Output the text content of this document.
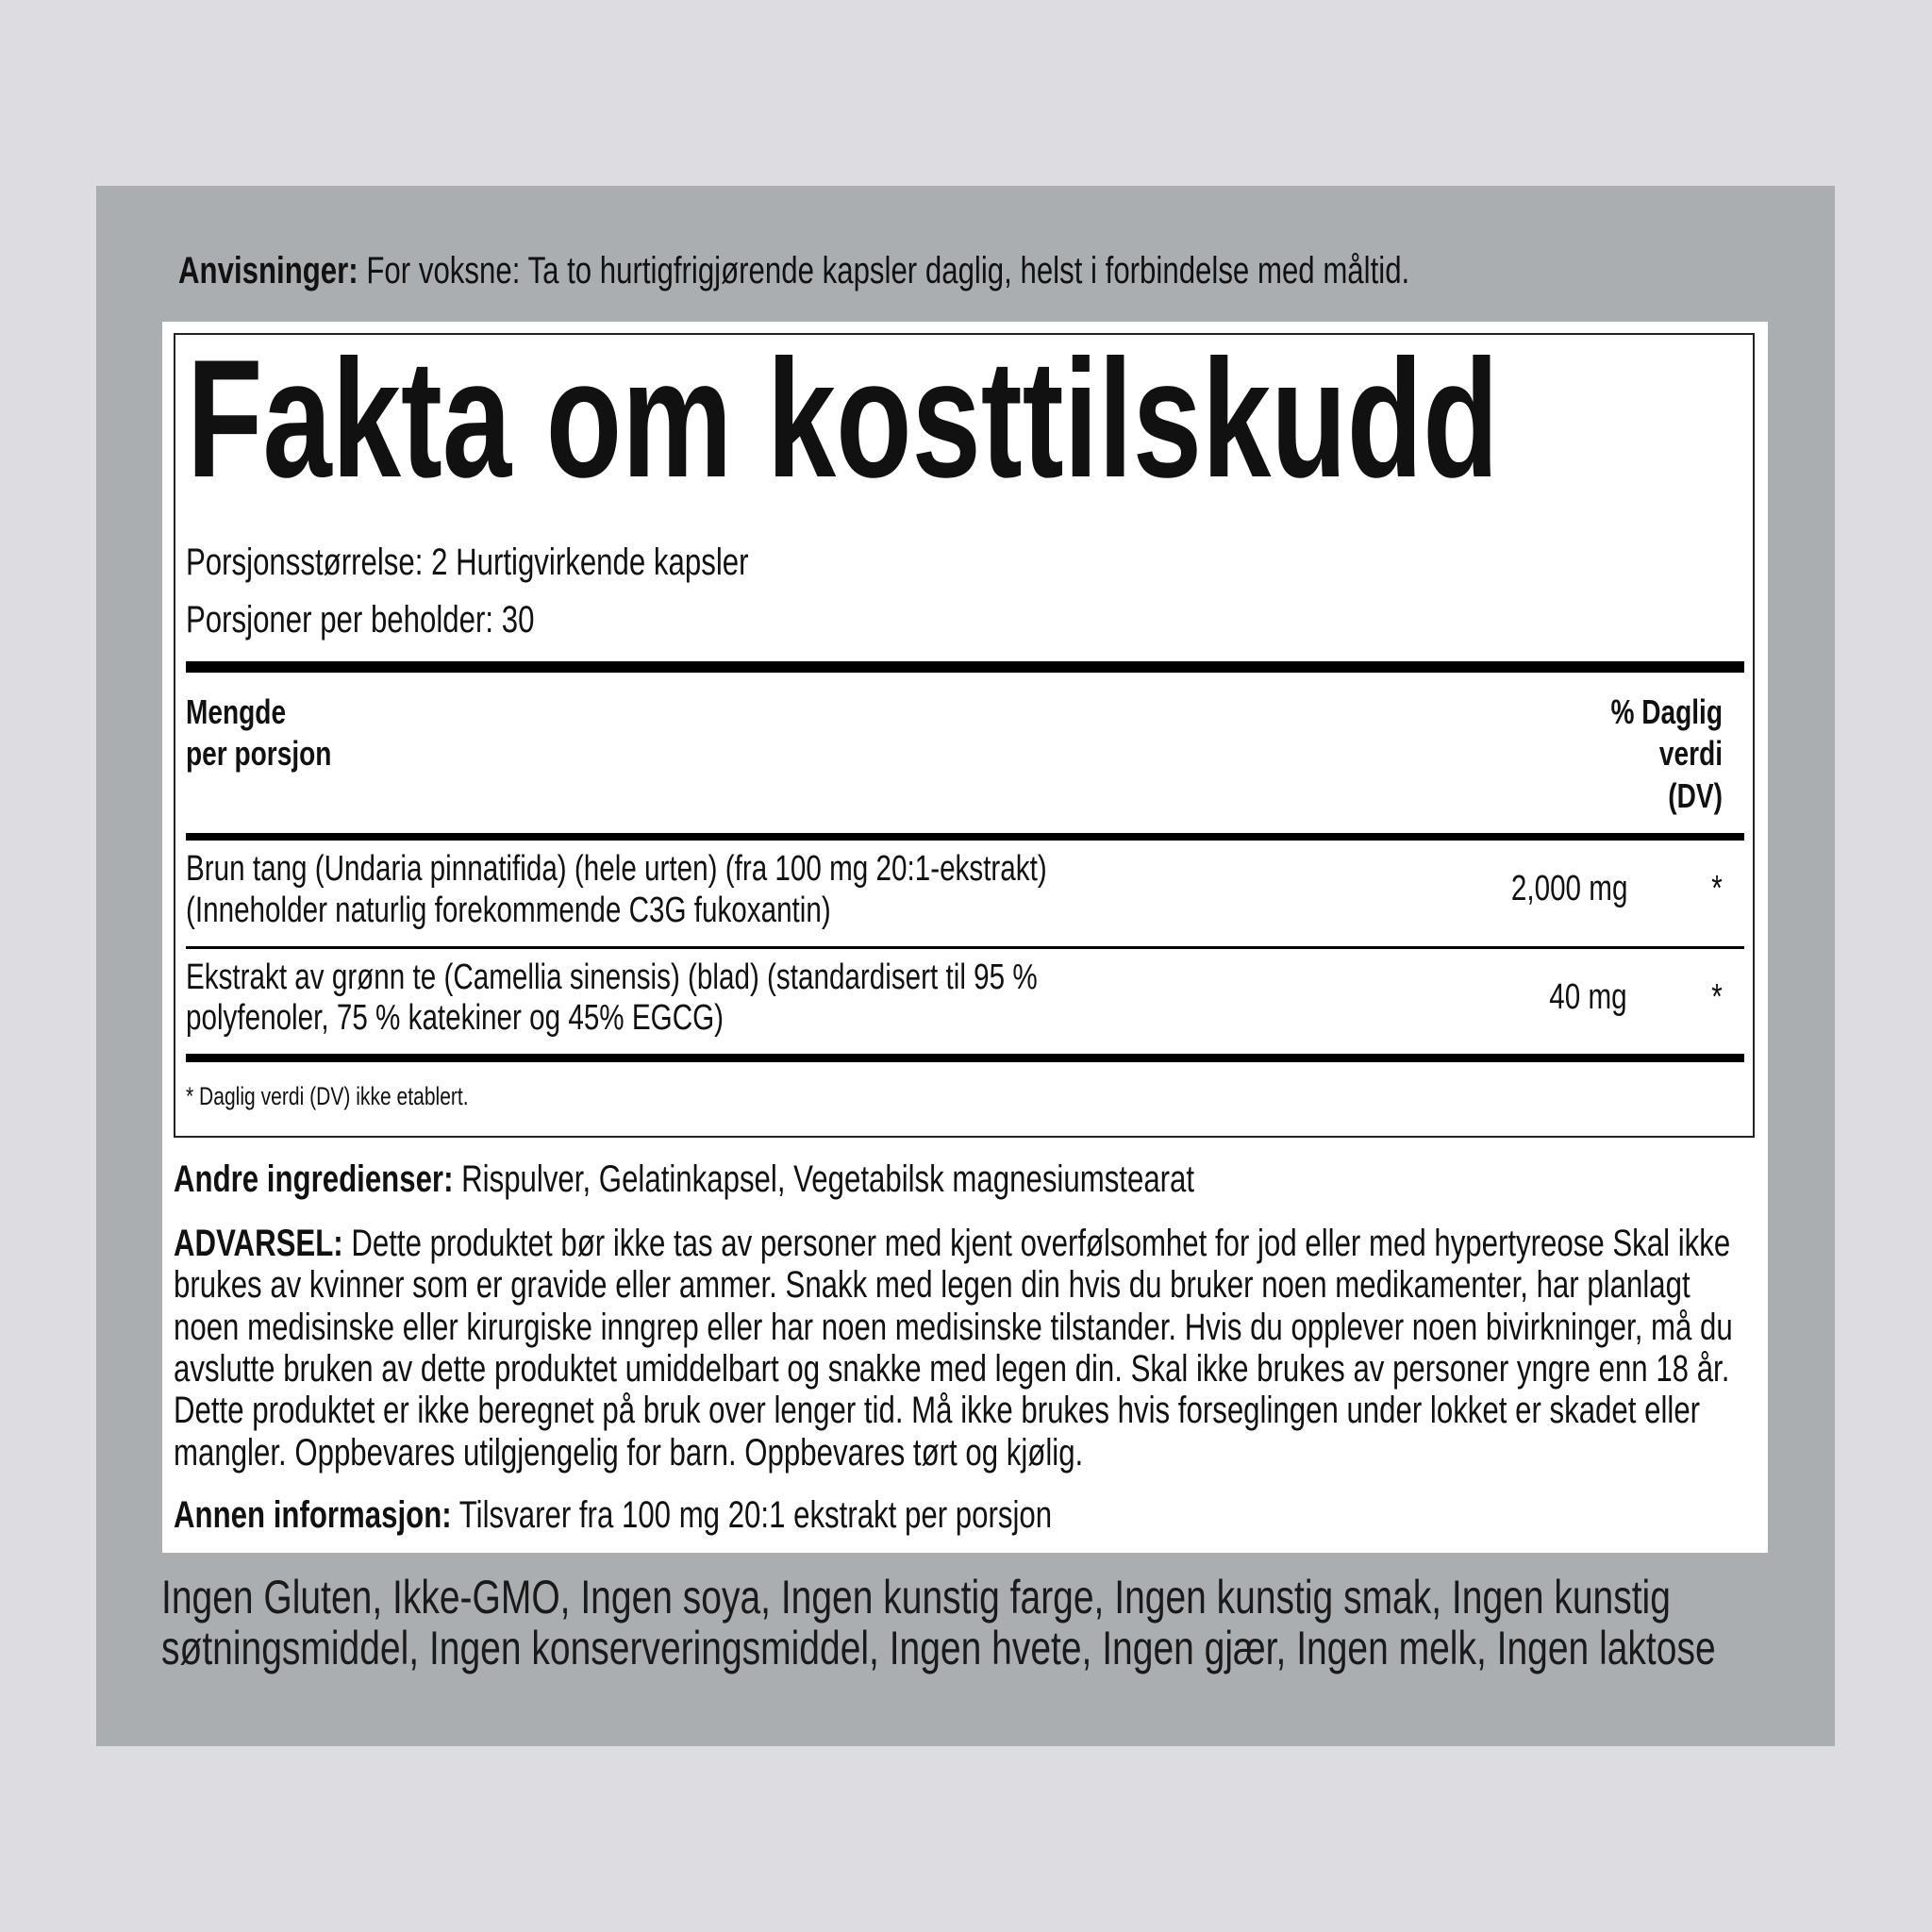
Anvisninger: For voksne: Ta to hurtigfrigjørende kapsler daglig, helst i forbindelse med måltid.
Fakta om kosttilskudd
Porsjonsstørrelse: 2 Hurtigvirkende kapsler
Porsjoner per beholder: 30
Mengde
per porsjon
% Daglig
verdi
(DV)
Brun tang (Undaria pinnatifida) (hele urten) (fra 100 mg 20:1-ekstrakt)
(Inneholder naturlig forekommende C3G fukoxantin)
2,000 mg *
Ekstrakt av grønn te (Camellia sinensis) (blad) (standardisert til 95 %
polyfenoler, 75 % katekiner og 45% EGCG)
40 mg *
* Daglig verdi (DV) ikke etablert.
Andre ingredienser: Rispulver, Gelatinkapsel, Vegetabilsk magnesiumstearat
ADVARSEL: Dette produktet bør ikke tas av personer med kjent overfølsomhet for jod eller med hypertyreose Skal ikke
brukes av kvinner som er gravide eller ammer. Snakk med legen din hvis du bruker noen medikamenter, har planlagt
noen medisinske eller kirurgiske inngrep eller har noen medisinske tilstander. Hvis du opplever noen bivirkninger, må du
avslutte bruken av dette produktet umiddelbart og snakke med legen din. Skal ikke brukes av personer yngre enn 18 år.
Dette produktet er ikke beregnet på bruk over lenger tid. Må ikke brukes hvis forseglingen under lokket er skadet eller
mangler. Oppbevares utilgjengelig for barn. Oppbevares tørt og kjølig.
Annen informasjon: Tilsvarer fra 100 mg 20:1 ekstrakt per porsjon
Ingen Gluten, Ikke-GMO, Ingen soya, Ingen kunstig farge, Ingen kunstig smak, Ingen kunstig
søtningsmiddel, Ingen konserveringsmiddel, Ingen hvete, Ingen gjær, Ingen melk, Ingen laktose
